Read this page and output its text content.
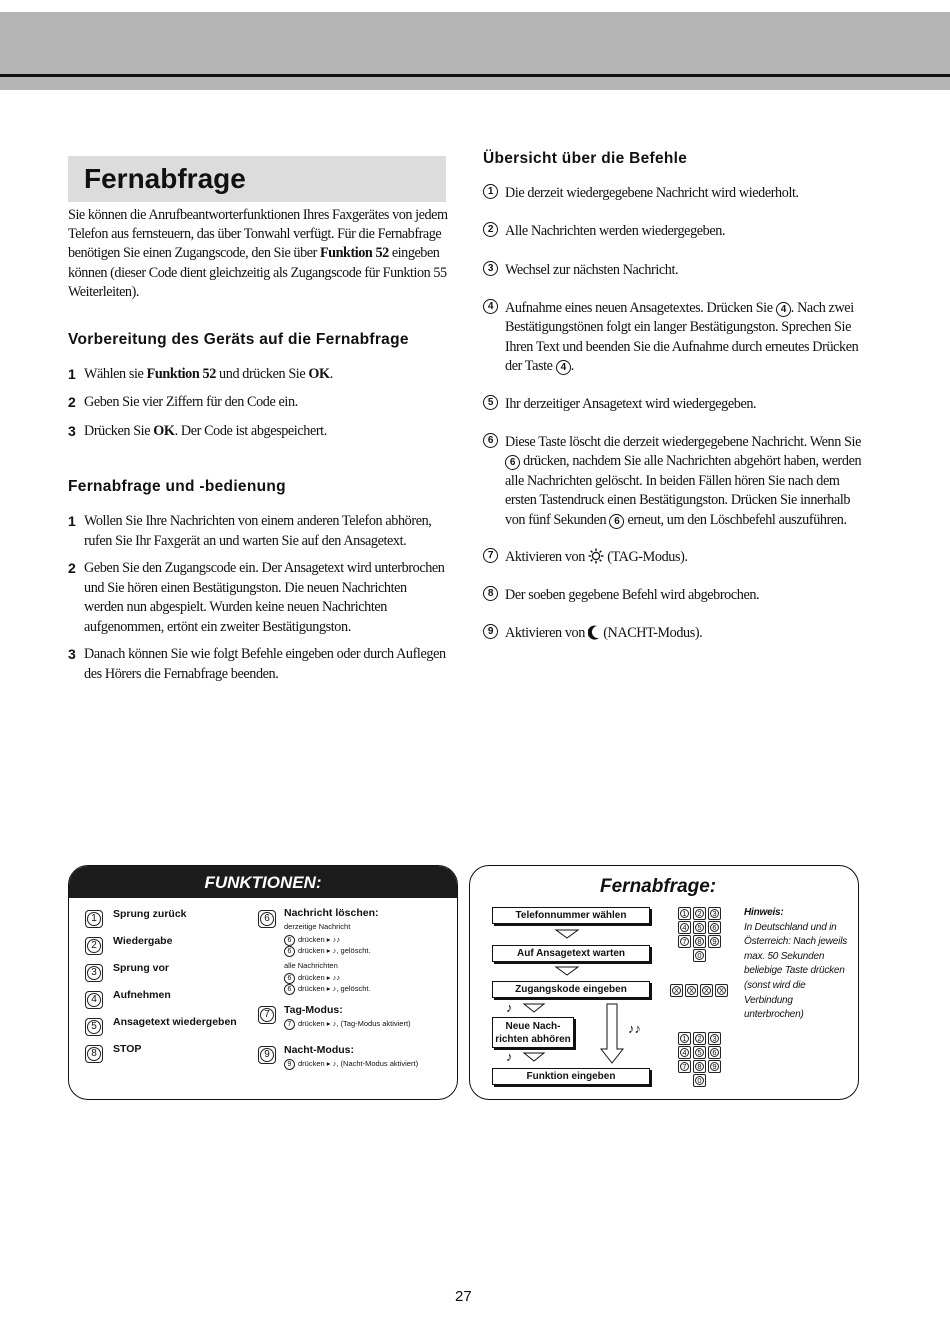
Fernabfrage
Sie können die Anrufbeantworterfunktionen Ihres Faxgerätes von jedem Telefon aus fernsteuern, das über Tonwahl verfügt. Für die Fernabfrage benötigen Sie einen Zugangscode, den Sie über Funktion 52 eingeben können (dieser Code dient gleichzeitig als Zugangscode für Funktion 55 Weiterleiten).
Vorbereitung des Geräts auf die Fernabfrage
1 Wählen sie Funktion 52 und drücken Sie OK.
2 Geben Sie vier Ziffern für den Code ein.
3 Drücken Sie OK. Der Code ist abgespeichert.
Fernabfrage und -bedienung
1 Wollen Sie Ihre Nachrichten von einem anderen Telefon abhören, rufen Sie Ihr Faxgerät an und warten Sie auf den Ansagetext.
2 Geben Sie den Zugangscode ein. Der Ansagetext wird unterbrochen und Sie hören einen Bestätigungston. Die neuen Nachrichten werden nun abgespielt. Wurden keine neuen Nachrichten aufgenommen, ertönt ein zweiter Bestätigungston.
3 Danach können Sie wie folgt Befehle eingeben oder durch Auflegen des Hörers die Fernabfrage beenden.
Übersicht über die Befehle
1 Die derzeit wiedergegebene Nachricht wird wiederholt.
2 Alle Nachrichten werden wiedergegeben.
3 Wechsel zur nächsten Nachricht.
4 Aufnahme eines neuen Ansagetextes. Drücken Sie 4 . Nach zwei Bestätigungstönen folgt ein langer Bestätigungston. Sprechen Sie Ihren Text und beenden Sie die Aufnahme durch erneutes Drücken der Taste 4 .
5 Ihr derzeitiger Ansagetext wird wiedergegeben.
6 Diese Taste löscht die derzeit wiedergegebene Nachricht. Wenn Sie 6 drücken, nachdem Sie alle Nachrichten abgehört haben, werden alle Nachrichten gelöscht. In beiden Fällen hören Sie nach dem ersten Tastendruck einen Bestätigungston. Drücken Sie innerhalb von fünf Sekunden 6 erneut, um den Löschbefehl auszuführen.
7 Aktivieren von  (TAG-Modus).
8 Der soeben gegebene Befehl wird abgebrochen.
9 Aktivieren von  (NACHT-Modus).
FUNKTIONEN:
1	Sprung zurück
2	Wiedergabe
3	Sprung vor
4	Aufnehmen
5	Ansagetext wiedergeben
8	STOP
6	Nachricht löschen:
derzeitige Nachricht
6 drücken ▸ ♪♪
6 drücken ▸ ♪, gelöscht.
alle Nachrichten
6 drücken ▸ ♪♪
6 drücken ▸ ♪, gelöscht.
7	Tag-Modus:
7 drücken ▸ ♪, (Tag-Modus aktiviert)
9	Nacht-Modus:
9 drücken ▸ ♪, (Nacht-Modus aktiviert)
Fernabfrage:
Telefonnummer wählen
Auf Ansagetext warten
Zugangskode eingeben
♪
Neue Nach-
richten abhören
♪♪
♪
Funktion eingeben
1	2	3
4	5	6
7	8	9
0
X	X	X	X
1	2	3
4	5	6
7	8	9
0
Hinweis:
In Deutschland und in Österreich: Nach jeweils max. 50 Sekunden beliebige Taste drücken (sonst wird die Verbindung unterbrochen)
27
